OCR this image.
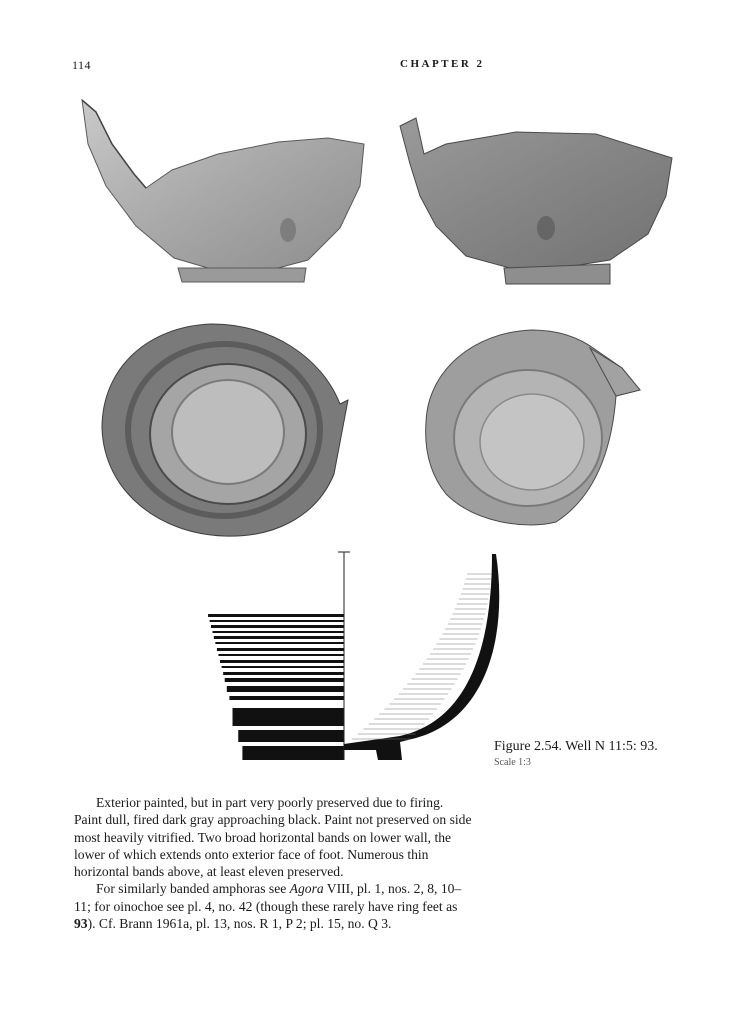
114	CHAPTER 2
Figure 2.54. Well N 11:5: 93.
Scale 1:3

Exterior painted, but in part very poorly preserved due to firing. Paint dull, fired dark gray approaching black. Paint not preserved on side most heavily vitrified. Two broad horizontal bands on lower wall, the lower of which extends onto exterior face of foot. Numerous thin horizontal bands above, at least eleven preserved.

For similarly banded amphoras see Agora VIII, pl. 1, nos. 2, 8, 10–11; for oinochoe see pl. 4, no. 42 (though these rarely have ring feet as 93). Cf. Brann 1961a, pl. 13, nos. R 1, P 2; pl. 15, no. Q 3.
